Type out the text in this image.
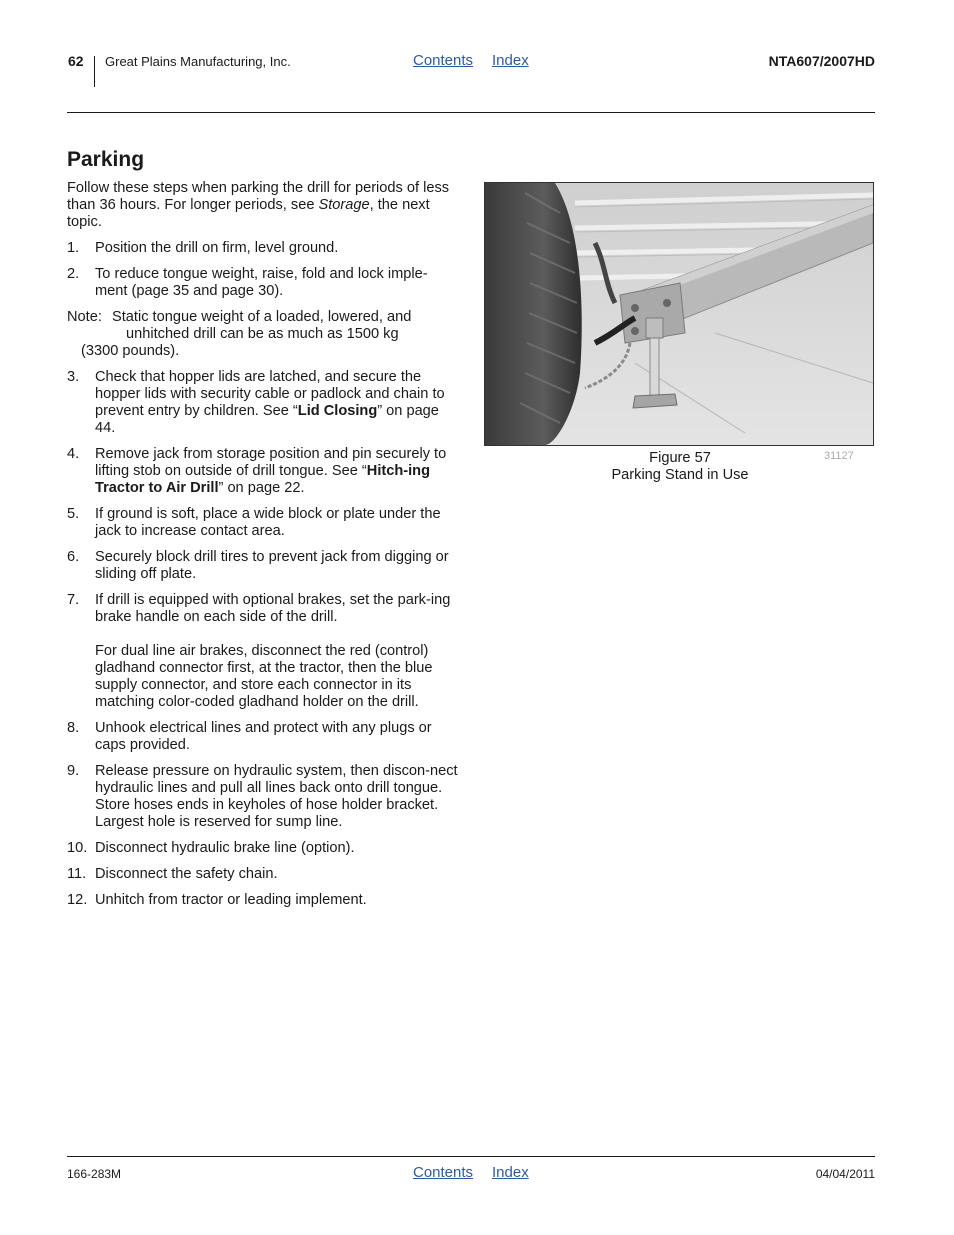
62 Great Plains Manufacturing, Inc.	Contents Index	NTA607/2007HD
Parking

Follow these steps when parking the drill for periods of less than 36 hours. For longer periods, see Storage, the next topic.

1.	Position the drill on firm, level ground.
2.	To reduce tongue weight, raise, fold and lock imple-ment (page 35 and page 30).
Note: Static tongue weight of a loaded, lowered, and
unhitched drill can be as much as 1500 kg
(3300 pounds).
3.	Check that hopper lids are latched, and secure the hopper lids with security cable or padlock and chain to prevent entry by children. See “Lid Closing” on page 44.
4.	Remove jack from storage position and pin securely to lifting stob on outside of drill tongue. See “Hitch-ing Tractor to Air Drill” on page 22.
5.	If ground is soft, place a wide block or plate under the jack to increase contact area.
6.	Securely block drill tires to prevent jack from digging or sliding off plate.
7.	If drill is equipped with optional brakes, set the park-ing brake handle on each side of the drill.
For dual line air brakes, disconnect the red (control) gladhand connector first, at the tractor, then the blue supply connector, and store each connector in its matching color-coded gladhand holder on the drill.
8.	Unhook electrical lines and protect with any plugs or caps provided.
9.	Release pressure on hydraulic system, then discon-nect hydraulic lines and pull all lines back onto drill tongue. Store hoses ends in keyholes of hose holder bracket. Largest hole is reserved for sump line.
10. Disconnect hydraulic brake line (option).
11. Disconnect the safety chain.
12. Unhitch from tractor or leading implement.
Figure 57
Parking Stand in Use
31127
166-283M	Contents Index	04/04/2011
